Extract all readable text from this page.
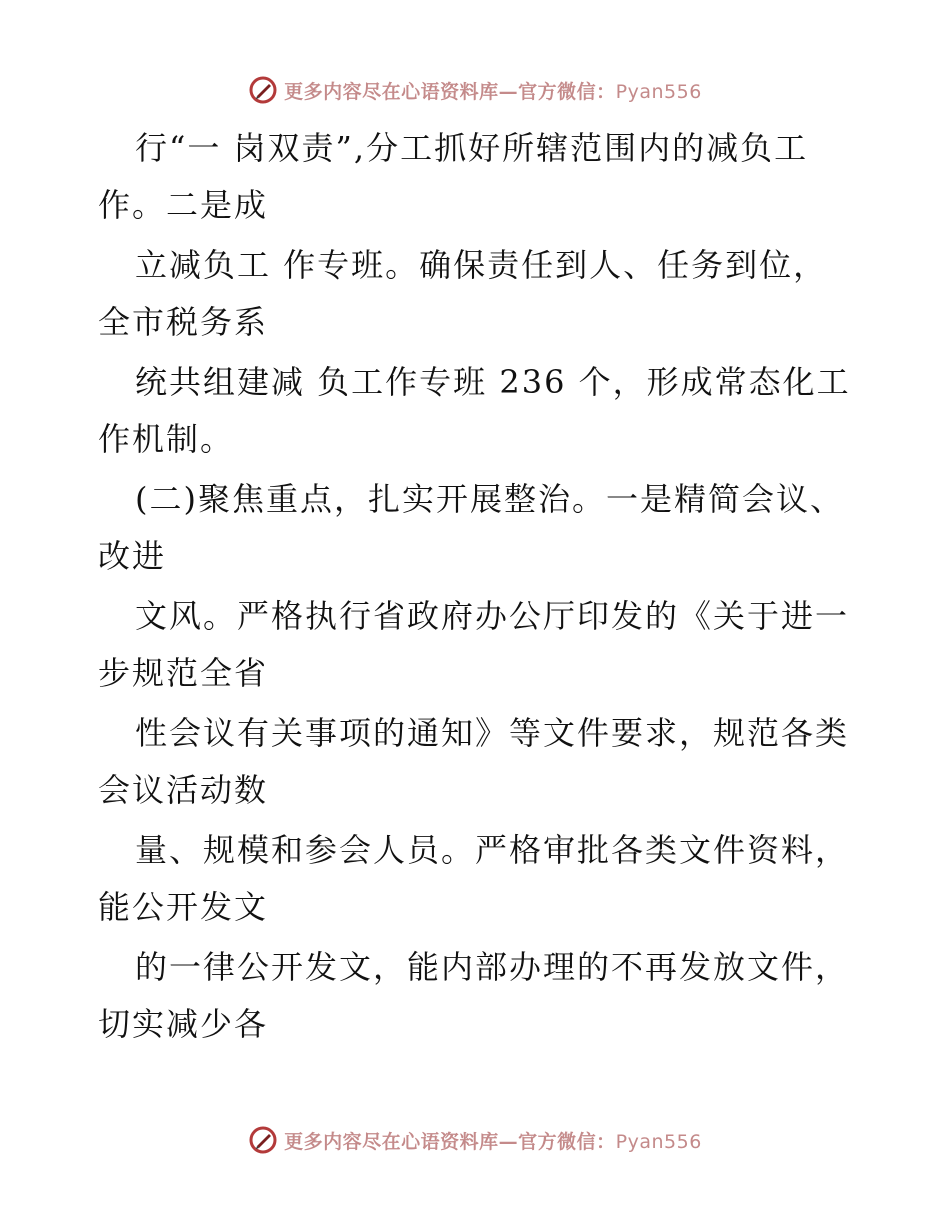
更多内容尽在心语资料库—官方微信：Pyan556
行“一 岗双责”,分工抓好所辖范围内的减负工
作。二是成
立减负工 作专班。确保责任到人、任务到位，
全市税务系
统共组建减 负工作专班 236 个，形成常态化工
作机制。
(二)聚焦重点，扎实开展整治。一是精简会议、
改进
文风。严格执行省政府办公厅印发的《关于进一
步规范全省
性会议有关事项的通知》等文件要求，规范各类
会议活动数
量、规模和参会人员。严格审批各类文件资料，
能公开发文
的一律公开发文，能内部办理的不再发放文件，
切实减少各
更多内容尽在心语资料库—官方微信：Pyan556
